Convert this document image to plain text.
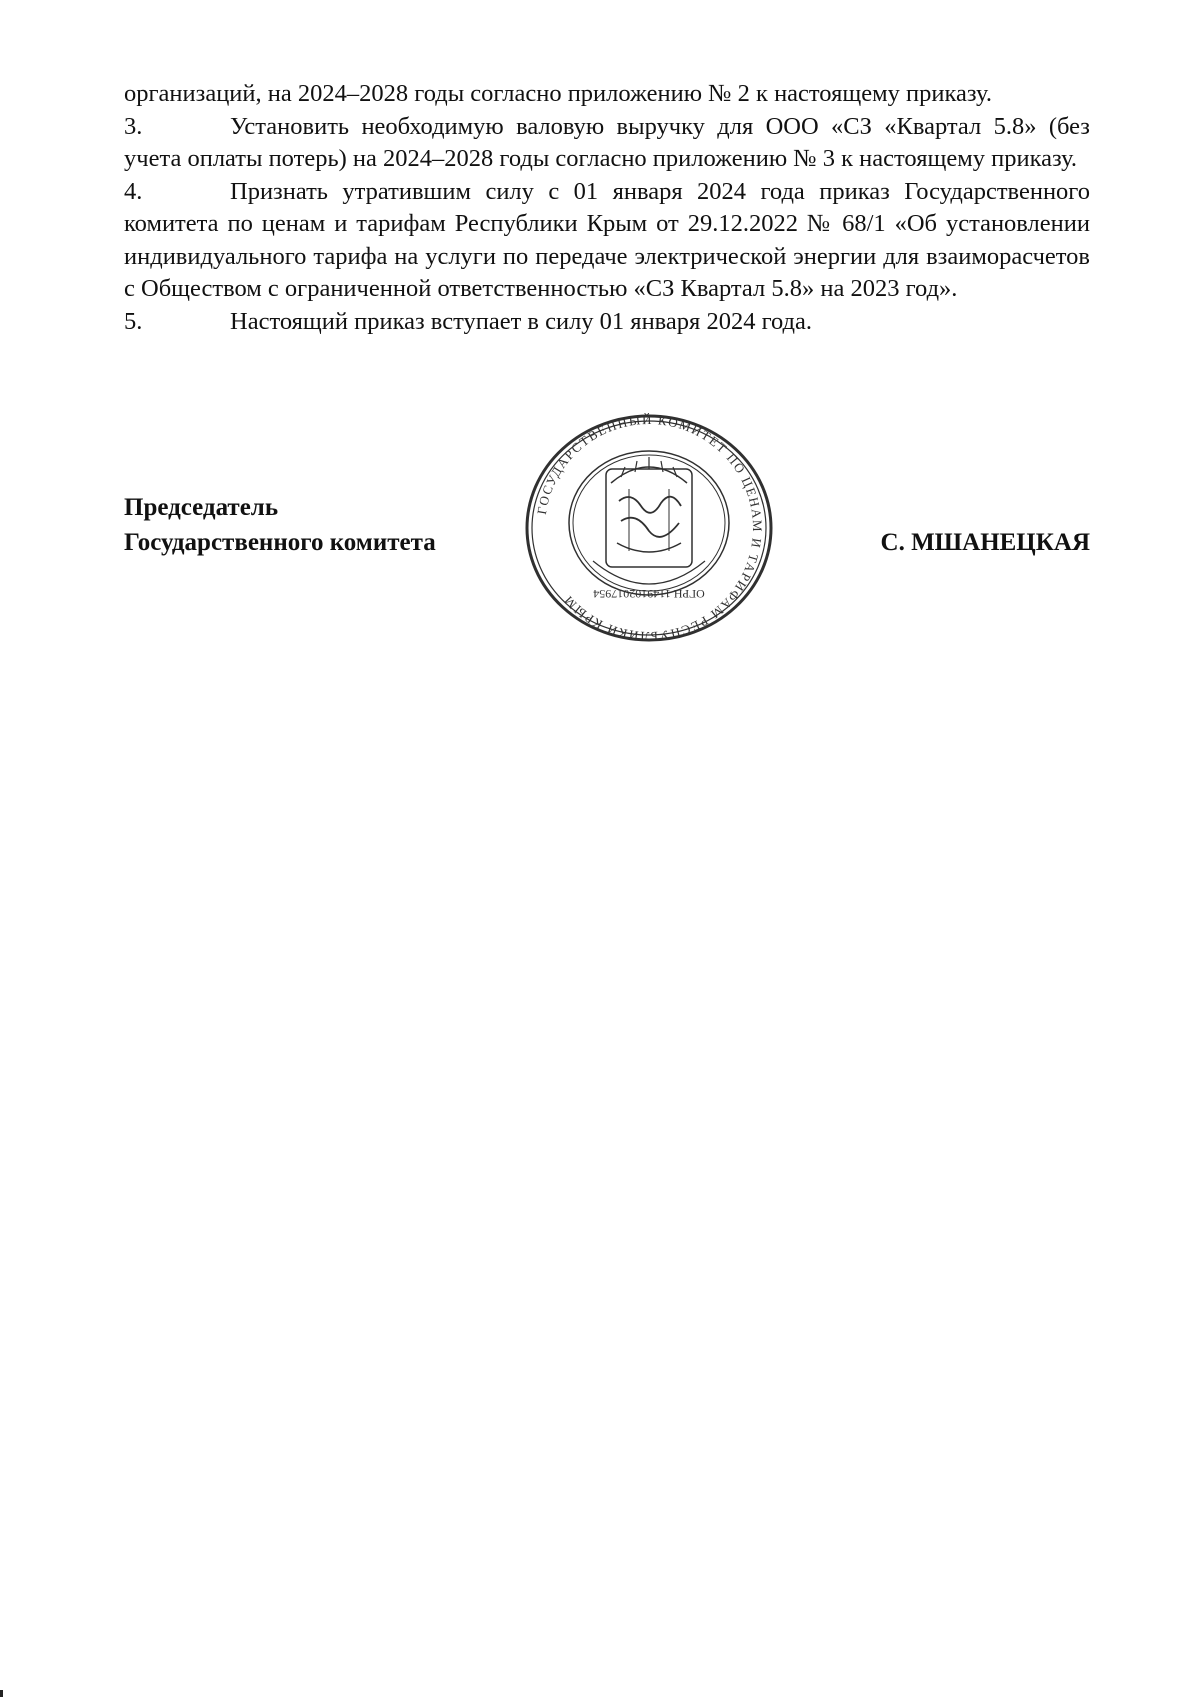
организаций, на 2024–2028 годы согласно приложению № 2 к настоящему приказу.

3.	Установить необходимую валовую выручку для ООО «СЗ «Квартал 5.8» (без учета оплаты потерь) на 2024–2028 годы согласно приложению № 3 к настоящему приказу.

4.	Признать утратившим силу с 01 января 2024 года приказ Государственного комитета по ценам и тарифам Республики Крым от 29.12.2022 № 68/1 «Об установлении индивидуального тарифа на услуги по передаче электрической энергии для взаиморасчетов с Обществом с ограниченной ответственностью «СЗ Квартал 5.8» на 2023 год».

5.	Настоящий приказ вступает в силу 01 января 2024 года.

Председатель
Государственного комитета	С. МШАНЕЦКАЯ
ГОСУДАРСТВЕННЫЙ КОМИТЕТ ПО ЦЕНАМ И ТАРИФАМ РЕСПУБЛИКИ КРЫМ	ОГРН 1149102017954
